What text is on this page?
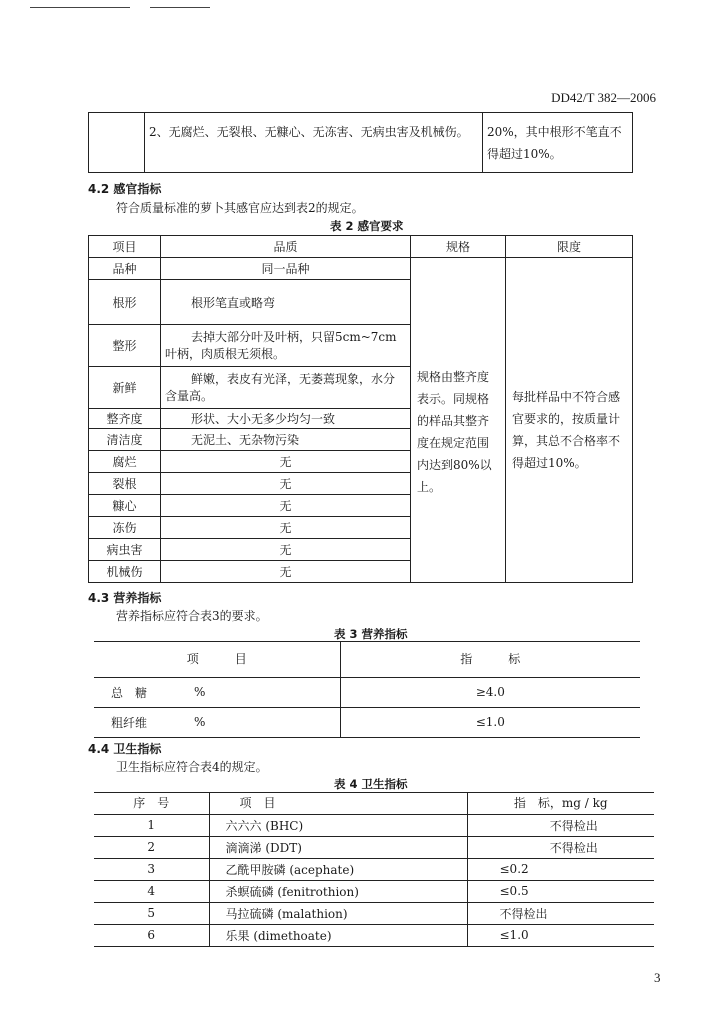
DD42/T 382—2006
	2、无腐烂、无裂根、无糠心、无冻害、无病虫害及机械伤。	20%，其中根形不笔直不得超过10%。
4.2 感官指标
符合质量标准的萝卜其感官应达到表2的规定。
表 2 感官要求
项目	品质	规格	限度
品种	同一品种	规格由整齐度表示。同规格的样品其整齐度在规定范围内达到80%以上。	每批样品中不符合感官要求的，按质量计算，其总不合格率不得超过10%。
根形	根形笔直或略弯		
整形	去掉大部分叶及叶柄，只留5cm~7cm叶柄，肉质根无须根。		
新鲜	鲜嫩，表皮有光泽，无萎蔫现象，水分含量高。		
整齐度	形状、大小无多少均匀一致		
清洁度	无泥土、无杂物污染		
腐烂	无		
裂根	无		
糠心	无		
冻伤	无		
病虫害	无		
机械伤	无		
4.3 营养指标
营养指标应符合表3的要求。
表 3 营养指标
项　　　目		指　　　标
总　糖	%	≥4.0
粗纤维	%	≤1.0
4.4 卫生指标
卫生指标应符合表4的规定。
表 4 卫生指标
序　号	项　目	指　标，mg / kg
1	六六六 (BHC)	不得检出
2	滴滴涕 (DDT)	不得检出
3	乙酰甲胺磷 (acephate)	≤0.2
4	杀螟硫磷 (fenitrothion)	≤0.5
5	马拉硫磷 (malathion)	不得检出
6	乐果 (dimethoate)	≤1.0
3
